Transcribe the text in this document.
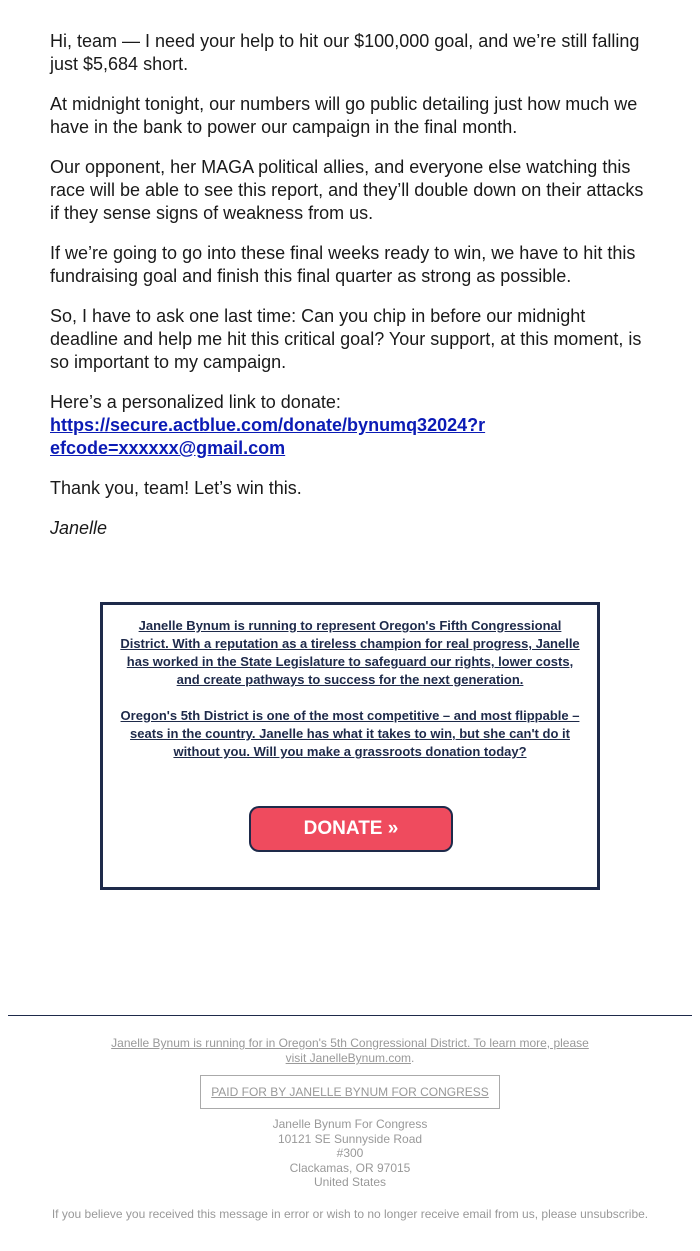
Hi, team — I need your help to hit our $100,000 goal, and we’re still falling just $5,684 short.

At midnight tonight, our numbers will go public detailing just how much we have in the bank to power our campaign in the final month.

Our opponent, her MAGA political allies, and everyone else watching this race will be able to see this report, and they’ll double down on their attacks if they sense signs of weakness from us.

If we’re going to go into these final weeks ready to win, we have to hit this fundraising goal and finish this final quarter as strong as possible.

So, I have to ask one last time: Can you chip in before our midnight deadline and help me hit this critical goal? Your support, at this moment, is so important to my campaign.

Here’s a personalized link to donate:
https://secure.actblue.com/donate/bynumq32024?refcode=xxxxxx@gmail.com

Thank you, team! Let’s win this.

Janelle

Janelle Bynum is running to represent Oregon's Fifth Congressional District. With a reputation as a tireless champion for real progress, Janelle has worked in the State Legislature to safeguard our rights, lower costs, and create pathways to success for the next generation.

Oregon's 5th District is one of the most competitive – and most flippable – seats in the country. Janelle has what it takes to win, but she can't do it without you. Will you make a grassroots donation today?

DONATE »
Janelle Bynum is running for in Oregon's 5th Congressional District. To learn more, please visit JanelleBynum.com.
PAID FOR BY JANELLE BYNUM FOR CONGRESS
Janelle Bynum For Congress
10121 SE Sunnyside Road
#300
Clackamas, OR 97015
United States
If you believe you received this message in error or wish to no longer receive email from us, please unsubscribe.
